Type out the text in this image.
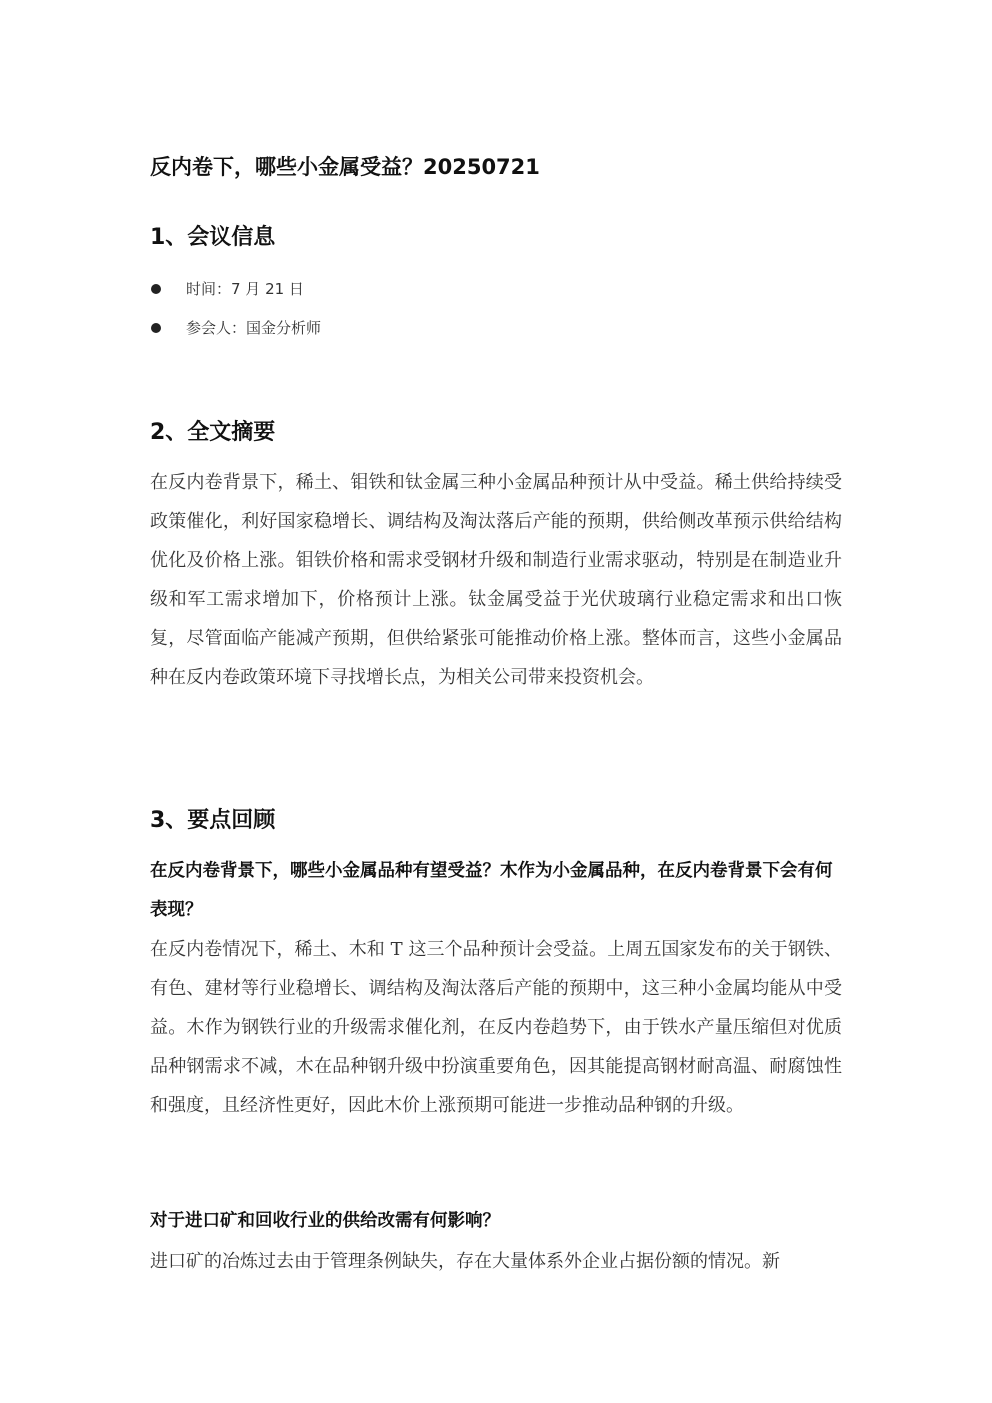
反内卷下，哪些小金属受益？20250721
1、会议信息
时间：7 月 21 日
参会人：国金分析师
2、全文摘要
在反内卷背景下，稀土、钼铁和钛金属三种小金属品种预计从中受益。稀土供给持续受政策催化，利好国家稳增长、调结构及淘汰落后产能的预期，供给侧改革预示供给结构优化及价格上涨。钼铁价格和需求受钢材升级和制造行业需求驱动，特别是在制造业升级和军工需求增加下，价格预计上涨。钛金属受益于光伏玻璃行业稳定需求和出口恢复，尽管面临产能减产预期，但供给紧张可能推动价格上涨。整体而言，这些小金属品种在反内卷政策环境下寻找增长点，为相关公司带来投资机会。
3、要点回顾
在反内卷背景下，哪些小金属品种有望受益？木作为小金属品种，在反内卷背景下会有何表现？
在反内卷情况下，稀土、木和 T 这三个品种预计会受益。上周五国家发布的关于钢铁、有色、建材等行业稳增长、调结构及淘汰落后产能的预期中，这三种小金属均能从中受益。木作为钢铁行业的升级需求催化剂，在反内卷趋势下，由于铁水产量压缩但对优质品种钢需求不减，木在品种钢升级中扮演重要角色，因其能提高钢材耐高温、耐腐蚀性和强度，且经济性更好，因此木价上涨预期可能进一步推动品种钢的升级。
对于进口矿和回收行业的供给改需有何影响？
进口矿的冶炼过去由于管理条例缺失，存在大量体系外企业占据份额的情况。新
